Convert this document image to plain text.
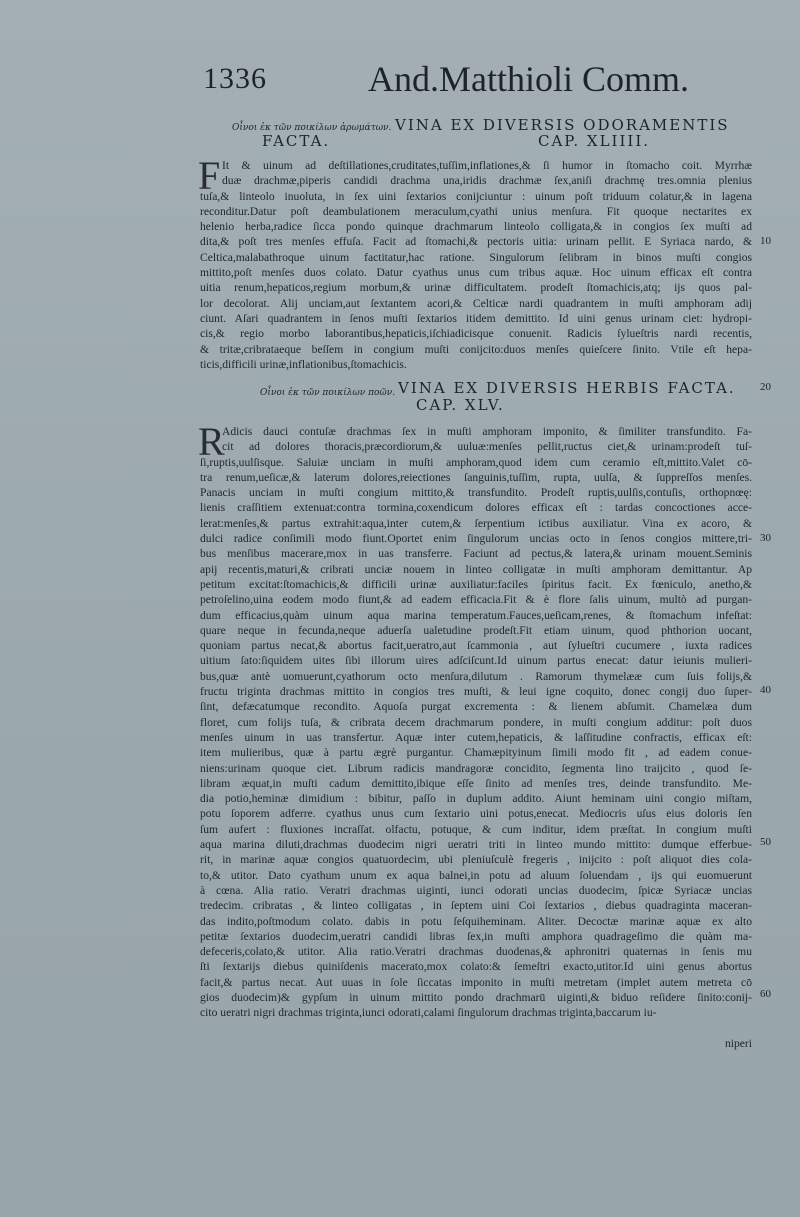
1336	And.Matthioli Comm.
Οἶνοι ἐκ τῶν ποικίλων ἀρωμάτων. VINA EX DIVERSIS ODORAMENTIS
FACTA.	CAP. XLIIII.
F It & uinum ad deſtillationes,cruditates,tuſſim,inflationes,& ſi humor in ſtomacho coit. Myrrhæ
duæ drachmæ,piperis candidi drachma una,iridis drachmæ ſex,aniſi drachmę tres.omnia plenius
tuſa,& linteolo inuoluta, in ſex uini ſextarios conijciuntur : uinum poſt triduum colatur,& in lagena
reconditur.Datur poſt deambulationem meraculum,cyathi unius menſura. Fit quoque nectarites ex
helenio herba,radice ſicca pondo quinque drachmarum linteolo colligata,& in congios ſex muſti ad
dita,& poſt tres menſes effuſa. Facit ad ſtomachi,& pectoris uitia: urinam pellit. E Syriaca nardo, &
Celtica,malabathroque uinum factitatur,hac ratione. Singulorum ſelibram in binos muſti congios
mittito,poſt menſes duos colato. Datur cyathus unus cum tribus aquæ. Hoc uinum efficax eſt contra
uitia renum,hepaticos,regium morbum,& urinæ difficultatem. prodeſt ſtomachicis,atq; ijs quos pal-
lor decolorat. Alij unciam,aut ſextantem acori,& Celticæ nardi quadrantem in muſti amphoram adij
ciunt. Aſari quadrantem in ſenos muſti ſextarios itidem demittito. Id uini genus urinam ciet: hydropi-
cis,& regio morbo laborantibus,hepaticis,iſchiadicisque conuenit. Radicis ſylueſtris nardi recentis,
& tritæ,cribrataeque beſſem in congium muſti conijcito:duos menſes quieſcere ſinito. Vtile eſt hepa-
ticis,difficili urinæ,inflationibus,ſtomachicis.
Οἶνοι ἐκ τῶν ποικίλων ποῶν. VINA EX DIVERSIS HERBIS FACTA.
CAP. XLV.
R
Adicis dauci contuſæ drachmas ſex in muſti amphoram imponito, & ſimiliter transfundito. Fa-
cit ad dolores thoracis,præcordiorum,& uuluæ:menſes pellit,ructus ciet,& urinam:prodeſt tuſ-
ſi,ruptis,uulſisque. Saluiæ unciam in muſti amphoram,quod idem cum ceramio eſt,mittito.Valet cō-
tra renum,ueſicæ,& laterum dolores,reiectiones ſanguinis,tuſſim, rupta, uulſa, & ſuppreſſos menſes.
Panacis unciam in muſti congium mittito,& transfundito. Prodeſt ruptis,uulſis,contuſis, orthopnœę:
lienis craſſitiem extenuat:contra tormina,coxendicum dolores efficax eſt : tardas concoctiones acce-
lerat:menſes,& partus extrahit:aqua,inter cutem,& ſerpentium ictibus auxiliatur. Vina ex acoro, &
dulci radice conſimili modo fiunt.Oportet enim ſingulorum uncias octo in ſenos congios mittere,tri-
bus menſibus macerare,mox in uas transferre. Faciunt ad pectus,& latera,& urinam mouent.Seminis
apij recentis,maturi,& cribrati unciæ nouem in linteo colligatæ in muſti amphoram demittantur. Ap
petitum excitat:ſtomachicis,& difficili urinæ auxiliatur:faciles ſpiritus facit. Ex fœniculo, anetho,&
petroſelino,uina eodem modo fiunt,& ad eadem efficacia.Fit & è flore ſalis uinum, multò ad purgan-
dum efficacius,quàm uinum aqua marina temperatum.Fauces,ueſicam,renes, & ſtomachum infeſtat:
quare neque in fecunda,neque aduerſa ualetudine prodeſt.Fit etiam uinum, quod phthorion uocant,
quoniam partus necat,& abortus facit,ueratro,aut ſcammonia , aut ſylueſtri cucumere , iuxta radices
uitium ſato:ſiquidem uites ſibi illorum uires adſciſcunt.Id uinum partus enecat: datur ieiunis mulieri-
bus,quæ antè uomuerunt,cyathorum octo menſura,dilutum . Ramorum thymelææ cum ſuis folijs,&
fructu triginta drachmas mittito in congios tres muſti, & leui igne coquito, donec congij duo ſuper-
ſint, defæcatumque recondito. Aquoſa purgat excrementa : & lienem abſumit. Chamelæa dum
floret, cum folijs tuſa, & cribrata decem drachmarum pondere, in muſti congium additur: poſt duos
menſes uinum in uas transfertur. Aquæ inter cutem,hepaticis, & laſſitudine confractis, efficax eſt:
item mulieribus, quæ à partu ægrè purgantur. Chamæpityinum ſimili modo fit , ad eadem conue-
niens:urinam quoque ciet. Librum radicis mandragoræ concidito, ſegmenta lino traijcito , quod ſe-
libram æquat,in muſti cadum demittito,ibique eſſe ſinito ad menſes tres, deinde transfundito. Me-
dia potio,heminæ dimidium : bibitur, paſſo in duplum addito. Aiunt heminam uini congio miſtam,
potu ſoporem adferre. cyathus unus cum ſextario uini potus,enecat. Mediocris uſus eius doloris ſen
ſum aufert : fluxiones incraſſat. olfactu, potuque, & cum inditur, idem præſtat. In congium muſti
aqua marina diluti,drachmas duodecim nigri ueratri triti in linteo mundo mittito: dumque efferbue-
rit, in marinæ aquæ congios quatuordecim, ubi pleniuſculè fregeris , inijcito : poſt aliquot dies cola-
to,& utitor. Dato cyathum unum ex aqua balnei,in potu ad aluum ſoluendam , ijs qui euomuerunt
à cœna. Alia ratio. Veratri drachmas uiginti, iunci odorati uncias duodecim, ſpicæ Syriacæ uncias
tredecim. cribratas , & linteo colligatas , in ſeptem uini Coi ſextarios , diebus quadraginta maceran-
das indito,poſtmodum colato. dabis in potu ſeſquiheminam. Aliter. Decoctæ marinæ aquæ ex alto
petitæ ſextarios duodecim,ueratri candidi libras ſex,in muſti amphora quadrageſimo die quàm ma-
defeceris,colato,& utitor. Alia ratio.Veratri drachmas duodenas,& aphronitri quaternas in ſenis mu
ſti ſextarijs diebus quiniſdenis macerato,mox colato:& ſemeſtri exacto,utitor.Id uini genus abortus
facit,& partus necat. Aut uuas in ſole ſiccatas imponito in muſti metretam (implet autem metreta cō
gios duodecim)& gypſum in uinum mittito pondo drachmarū uiginti,& biduo reſidere ſinito:conij-
cito ueratri nigri drachmas triginta,iunci odorati,calami ſingulorum drachmas triginta,baccarum iu-
niperi
10
20
30
40
50
60
